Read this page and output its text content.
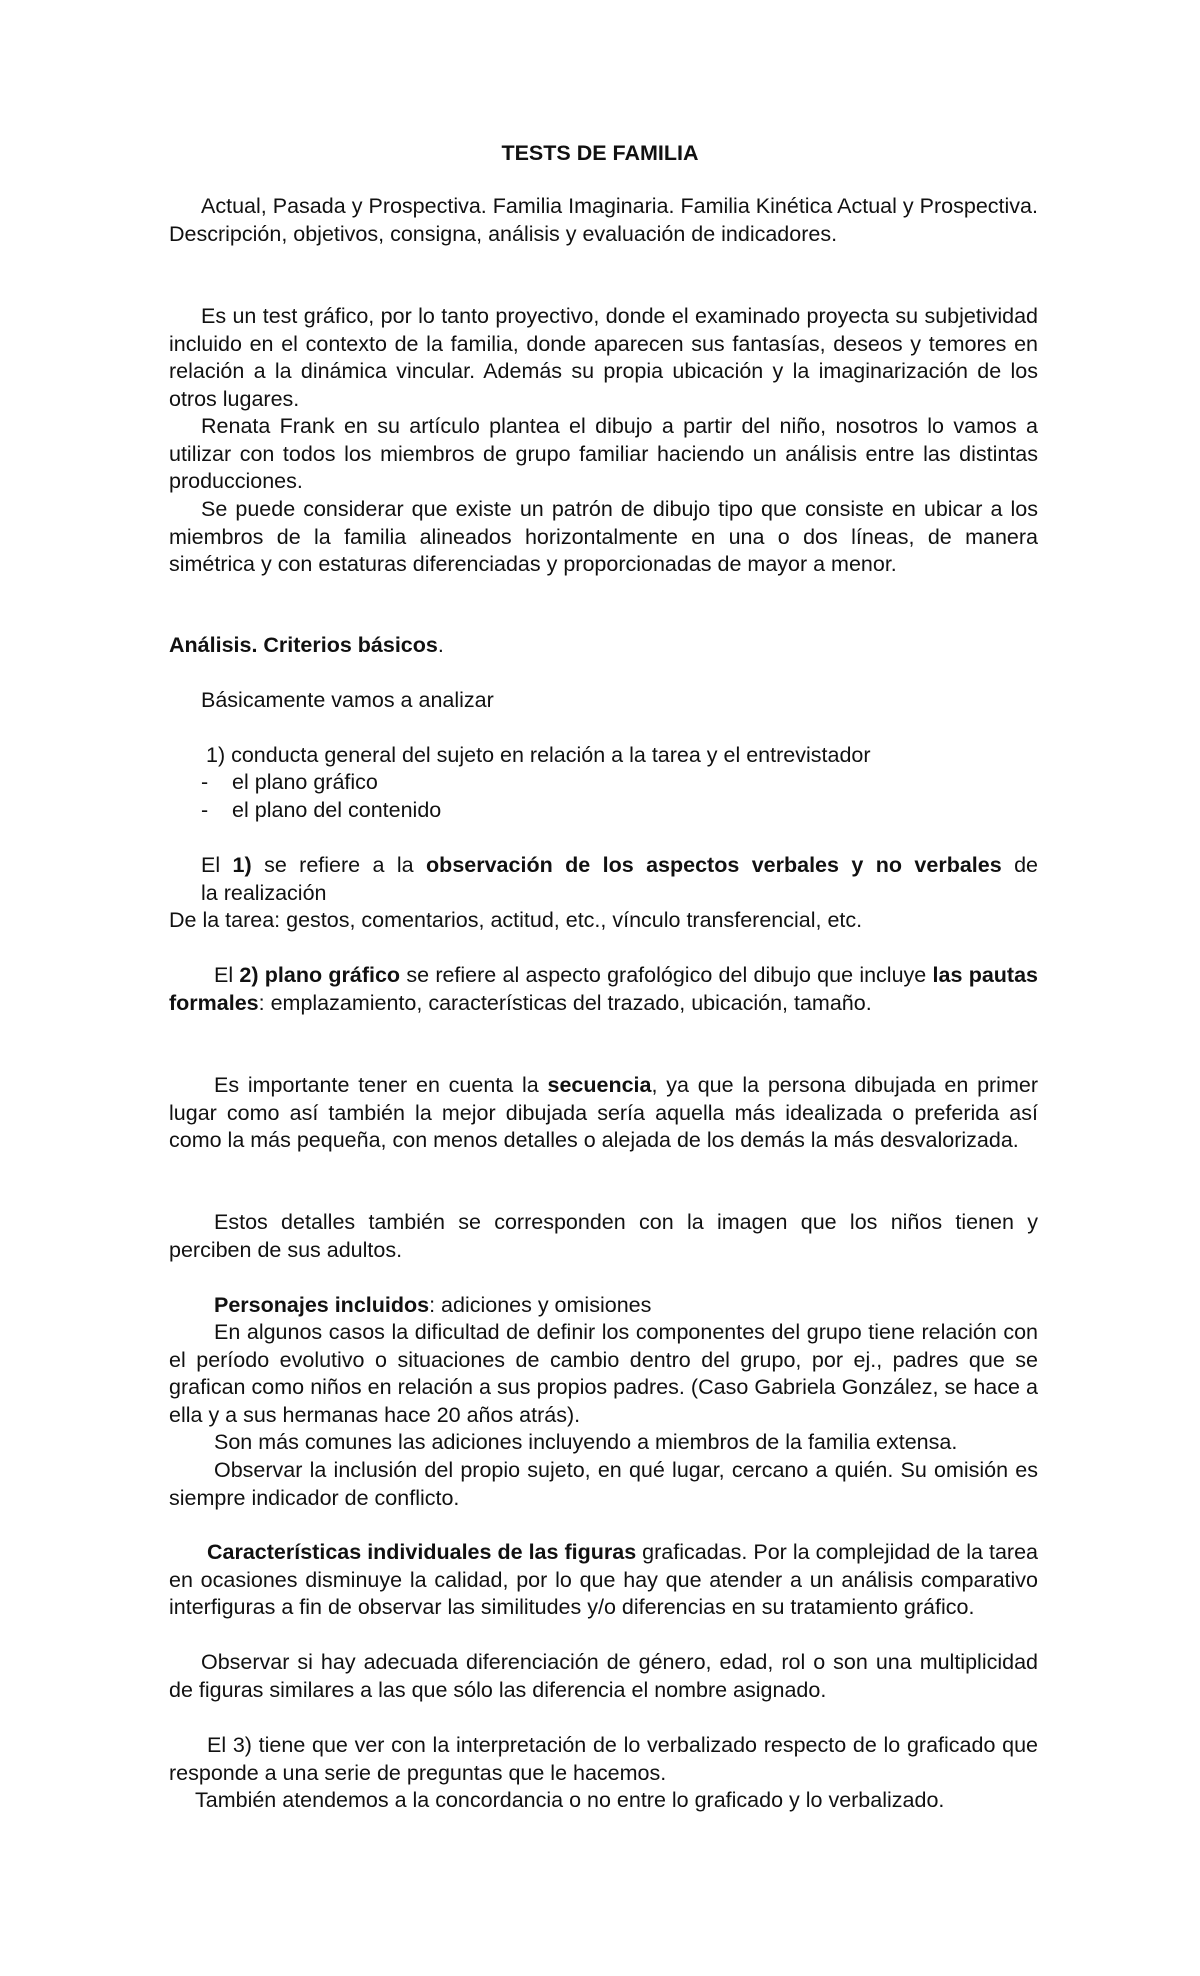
TESTS DE FAMILIA
Actual, Pasada y Prospectiva. Familia Imaginaria. Familia Kinética Actual y Prospectiva. Descripción, objetivos, consigna, análisis y evaluación de indicadores.
Es un test gráfico, por lo tanto proyectivo, donde el examinado proyecta su subjetividad incluido en el contexto de la familia, donde aparecen sus fantasías, deseos y temores en relación a la dinámica vincular. Además su propia ubicación y la imaginarización de los otros lugares.
Renata Frank en su artículo plantea el dibujo a partir del niño, nosotros lo vamos a utilizar con todos los miembros de grupo familiar haciendo un análisis entre las distintas producciones.
Se puede considerar que existe un patrón de dibujo tipo que consiste en ubicar a los miembros de la familia alineados horizontalmente en una o dos líneas, de manera simétrica y con estaturas diferenciadas y proporcionadas de mayor a menor.
Análisis. Criterios básicos.
Básicamente vamos a analizar
1) conducta general del sujeto en relación a la tarea y el entrevistador
-    el plano gráfico
-    el plano del contenido
El 1) se refiere a la observación de los aspectos verbales y no verbales de
la realización
De la tarea: gestos, comentarios, actitud, etc., vínculo transferencial, etc.
El 2) plano gráfico se refiere al aspecto grafológico del dibujo que incluye las pautas formales: emplazamiento, características del trazado, ubicación, tamaño.
Es importante tener en cuenta la secuencia, ya que la persona dibujada en primer lugar como así también la mejor dibujada sería aquella más idealizada o preferida así como la más pequeña, con menos detalles o alejada de los demás la más desvalorizada.
Estos detalles también se corresponden con la imagen que los niños tienen y perciben de sus adultos.
Personajes incluidos: adiciones y omisiones
En algunos casos la dificultad de definir los componentes del grupo tiene relación con el período evolutivo o situaciones de cambio dentro del grupo, por ej., padres que se grafican como niños en relación a sus propios padres. (Caso Gabriela González, se hace a ella y a sus hermanas hace 20 años atrás).
Son más comunes las adiciones incluyendo a miembros de la familia extensa.
Observar la inclusión del propio sujeto, en qué lugar, cercano a quién. Su omisión es siempre indicador de conflicto.
Características individuales de las figuras graficadas. Por la complejidad de la tarea en ocasiones disminuye la calidad, por lo que hay que atender a un análisis comparativo interfiguras a fin de observar las similitudes y/o diferencias en su tratamiento gráfico.
Observar si hay adecuada diferenciación de género, edad, rol o son una multiplicidad de figuras similares a las que sólo las diferencia el nombre asignado.
El 3) tiene que ver con la interpretación de lo verbalizado respecto de lo graficado que responde a una serie de preguntas que le hacemos.
También atendemos a la concordancia o no entre lo graficado y lo verbalizado.
